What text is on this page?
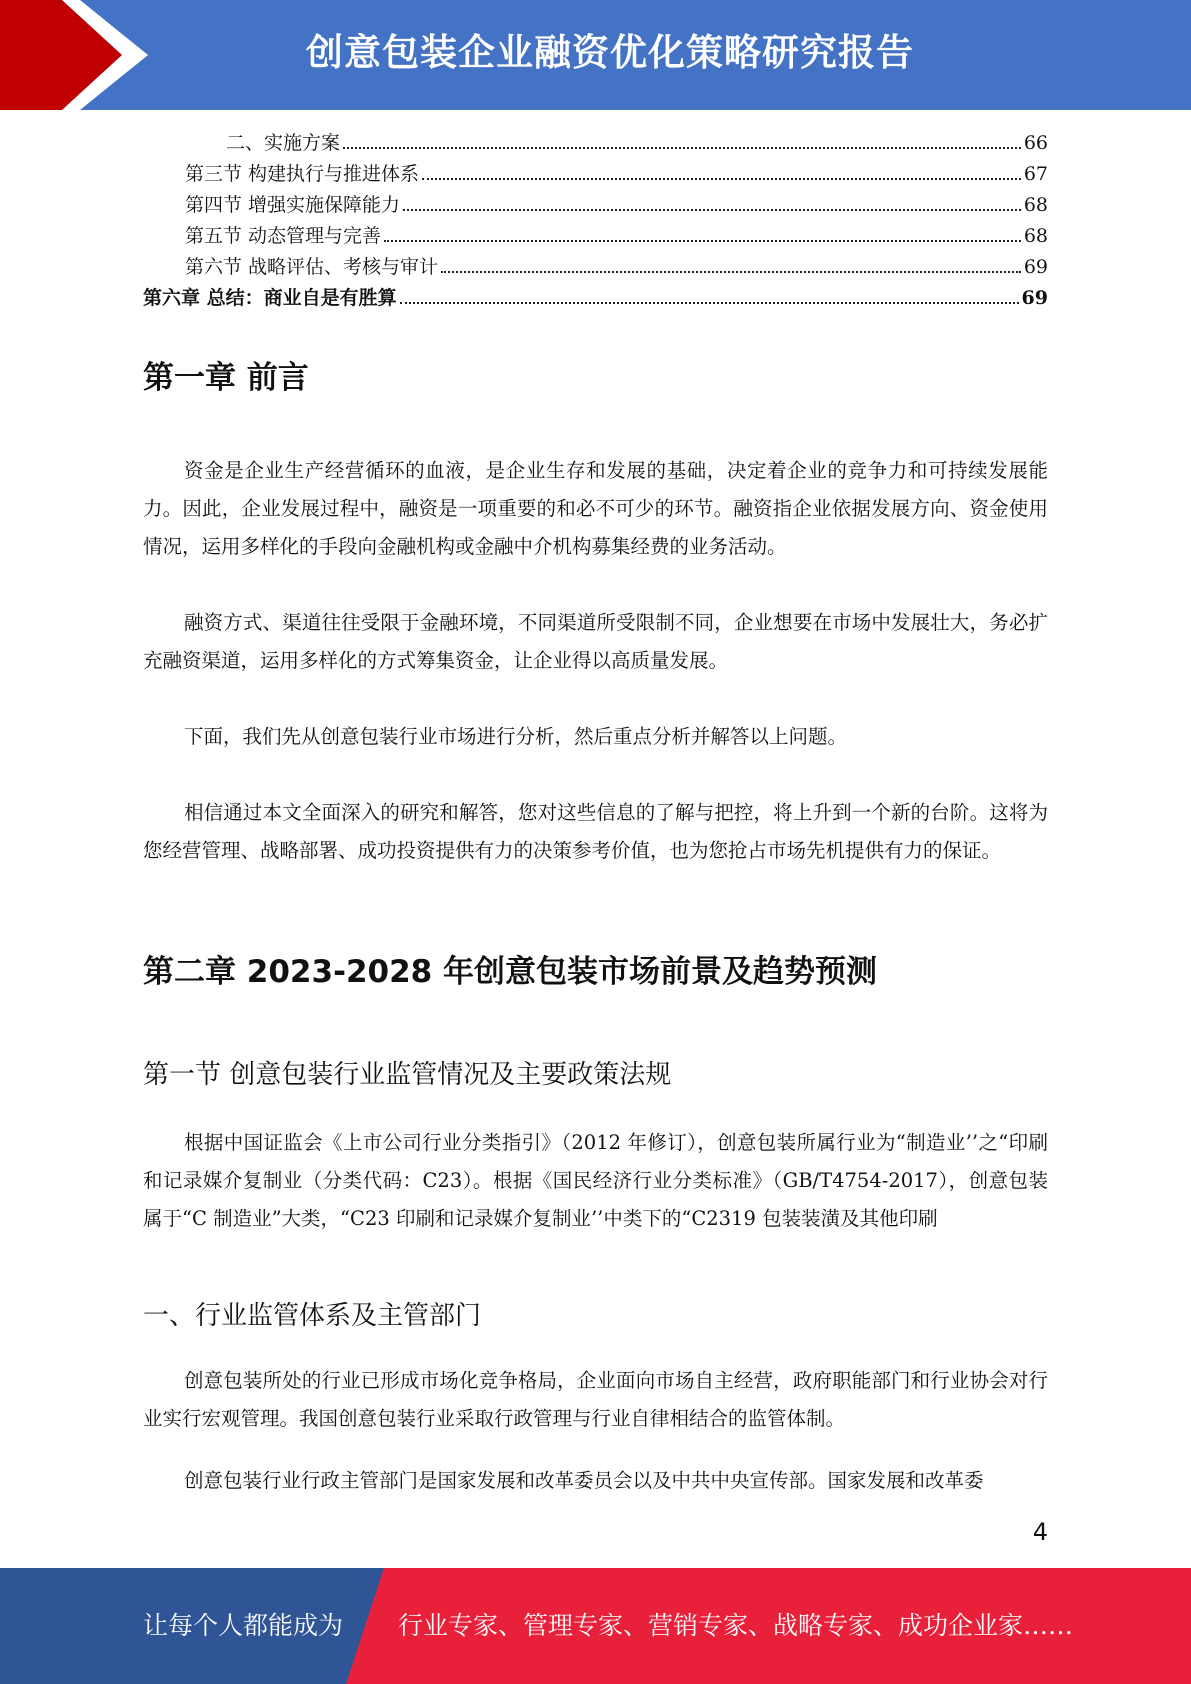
创意包装企业融资优化策略研究报告
二、实施方案	66
第三节 构建执行与推进体系	67
第四节 增强实施保障能力	68
第五节 动态管理与完善	68
第六节 战略评估、考核与审计	69
第六章 总结：商业自是有胜算	69
第一章 前言

资金是企业生产经营循环的血液，是企业生存和发展的基础，决定着企业的竞争力和可持续发展能力。因此，企业发展过程中，融资是一项重要的和必不可少的环节。融资指企业依据发展方向、资金使用情况，运用多样化的手段向金融机构或金融中介机构募集经费的业务活动。

融资方式、渠道往往受限于金融环境，不同渠道所受限制不同，企业想要在市场中发展壮大，务必扩充融资渠道，运用多样化的方式筹集资金，让企业得以高质量发展。

下面，我们先从创意包装行业市场进行分析，然后重点分析并解答以上问题。

相信通过本文全面深入的研究和解答，您对这些信息的了解与把控，将上升到一个新的台阶。这将为您经营管理、战略部署、成功投资提供有力的决策参考价值，也为您抢占市场先机提供有力的保证。

第二章 2023-2028 年创意包装市场前景及趋势预测
第一节 创意包装行业监管情况及主要政策法规

根据中国证监会《上市公司行业分类指引》（2012 年修订），创意包装所属行业为“制造业’’之“印刷和记录媒介复制业（分类代码：C23）。根据《国民经济行业分类标准》（GB/T4754-2017），创意包装属于“C 制造业”大类，“C23 印刷和记录媒介复制业’’中类下的“C2319 包装装潢及其他印刷

一、行业监管体系及主管部门

创意包装所处的行业已形成市场化竞争格局，企业面向市场自主经营，政府职能部门和行业协会对行业实行宏观管理。我国创意包装行业采取行政管理与行业自律相结合的监管体制。

创意包装行业行政主管部门是国家发展和改革委员会以及中共中央宣传部。国家发展和改革委

4
让每个人都能成为 行业专家、管理专家、营销专家、战略专家、成功企业家……
